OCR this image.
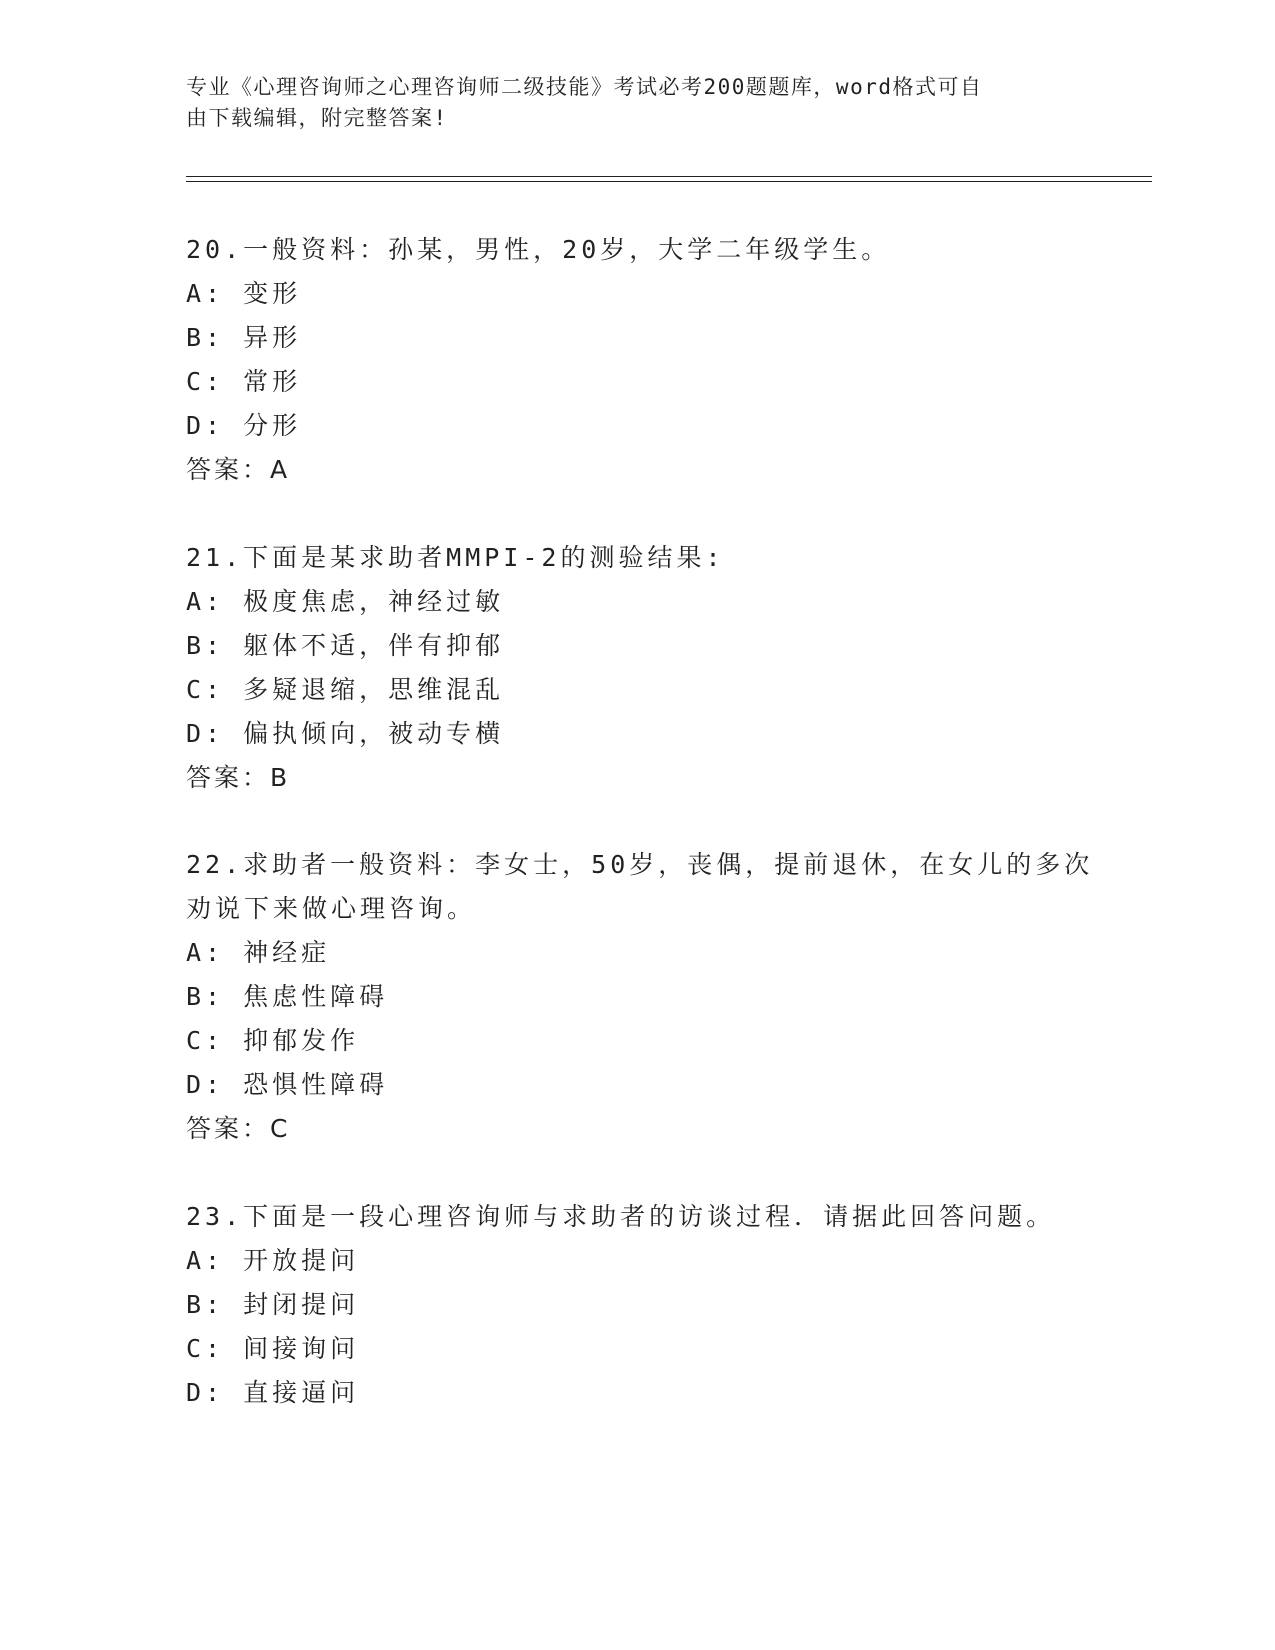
专业《心理咨询师之心理咨询师二级技能》考试必考200题题库，word格式可自
由下载编辑，附完整答案!
20.一般资料：孙某，男性，20岁，大学二年级学生。
A: 变形
B: 异形
C: 常形
D: 分形
答案：A
21.下面是某求助者MMPI-2的测验结果:
A: 极度焦虑，神经过敏
B: 躯体不适，伴有抑郁
C: 多疑退缩，思维混乱
D: 偏执倾向，被动专横
答案：B
22.求助者一般资料：李女士，50岁，丧偶，提前退休，在女儿的多次
劝说下来做心理咨询。
A: 神经症
B: 焦虑性障碍
C: 抑郁发作
D: 恐惧性障碍
答案：C
23.下面是一段心理咨询师与求助者的访谈过程．请据此回答问题。
A: 开放提问
B: 封闭提问
C: 间接询问
D: 直接逼问
